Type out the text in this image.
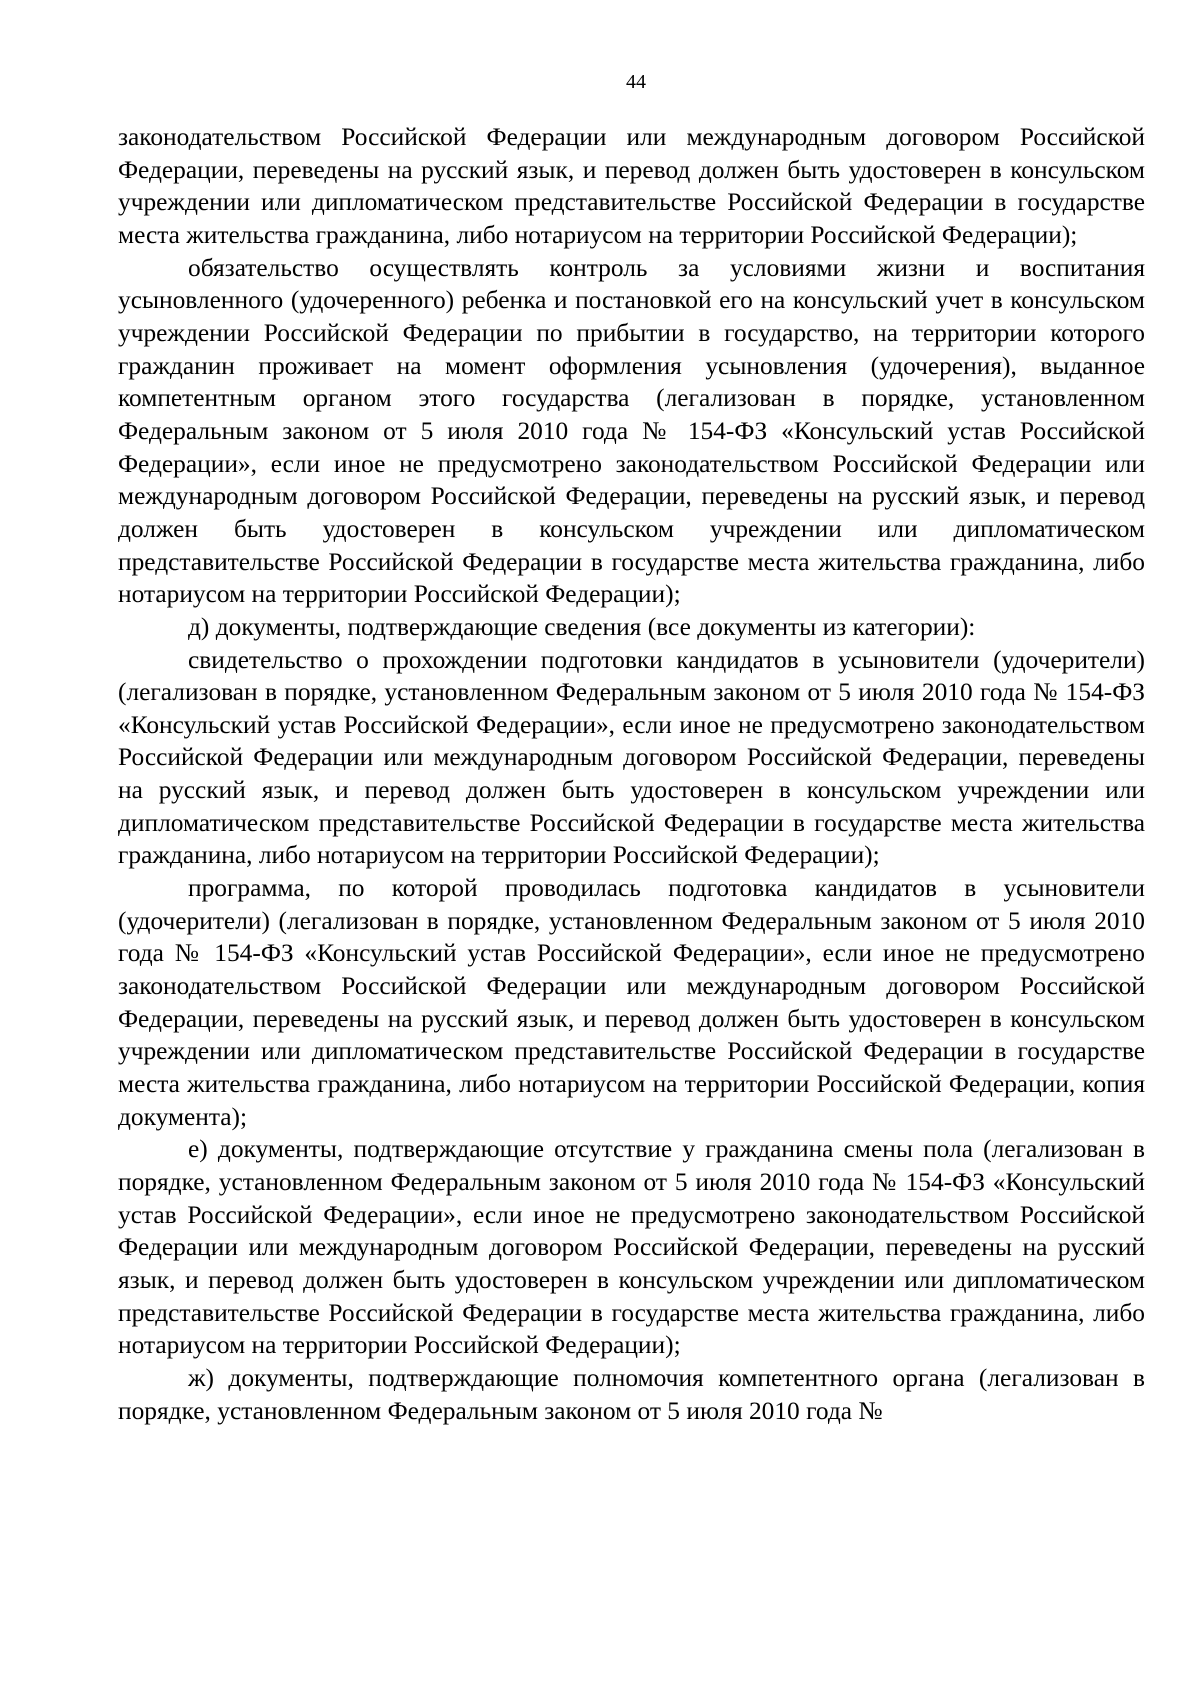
44

законодательством Российской Федерации или международным договором Российской Федерации, переведены на русский язык, и перевод должен быть удостоверен в консульском учреждении или дипломатическом представительстве Российской Федерации в государстве места жительства гражданина, либо нотариусом на территории Российской Федерации);

обязательство осуществлять контроль за условиями жизни и воспитания усыновленного (удочеренного) ребенка и постановкой его на консульский учет в консульском учреждении Российской Федерации по прибытии в государство, на территории которого гражданин проживает на момент оформления усыновления (удочерения), выданное компетентным органом этого государства (легализован в порядке, установленном Федеральным законом от 5 июля 2010 года № 154-ФЗ «Консульский устав Российской Федерации», если иное не предусмотрено законодательством Российской Федерации или международным договором Российской Федерации, переведены на русский язык, и перевод должен быть удостоверен в консульском учреждении или дипломатическом представительстве Российской Федерации в государстве места жительства гражданина, либо нотариусом на территории Российской Федерации);

д) документы, подтверждающие сведения (все документы из категории):

свидетельство о прохождении подготовки кандидатов в усыновители (удочерители) (легализован в порядке, установленном Федеральным законом от 5 июля 2010 года № 154-ФЗ «Консульский устав Российской Федерации», если иное не предусмотрено законодательством Российской Федерации или международным договором Российской Федерации, переведены на русский язык, и перевод должен быть удостоверен в консульском учреждении или дипломатическом представительстве Российской Федерации в государстве места жительства гражданина, либо нотариусом на территории Российской Федерации);

программа, по которой проводилась подготовка кандидатов в усыновители (удочерители) (легализован в порядке, установленном Федеральным законом от 5 июля 2010 года № 154-ФЗ «Консульский устав Российской Федерации», если иное не предусмотрено законодательством Российской Федерации или международным договором Российской Федерации, переведены на русский язык, и перевод должен быть удостоверен в консульском учреждении или дипломатическом представительстве Российской Федерации в государстве места жительства гражданина, либо нотариусом на территории Российской Федерации, копия документа);

е) документы, подтверждающие отсутствие у гражданина смены пола (легализован в порядке, установленном Федеральным законом от 5 июля 2010 года № 154-ФЗ «Консульский устав Российской Федерации», если иное не предусмотрено законодательством Российской Федерации или международным договором Российской Федерации, переведены на русский язык, и перевод должен быть удостоверен в консульском учреждении или дипломатическом представительстве Российской Федерации в государстве места жительства гражданина, либо нотариусом на территории Российской Федерации);

ж) документы, подтверждающие полномочия компетентного органа (легализован в порядке, установленном Федеральным законом от 5 июля 2010 года №
